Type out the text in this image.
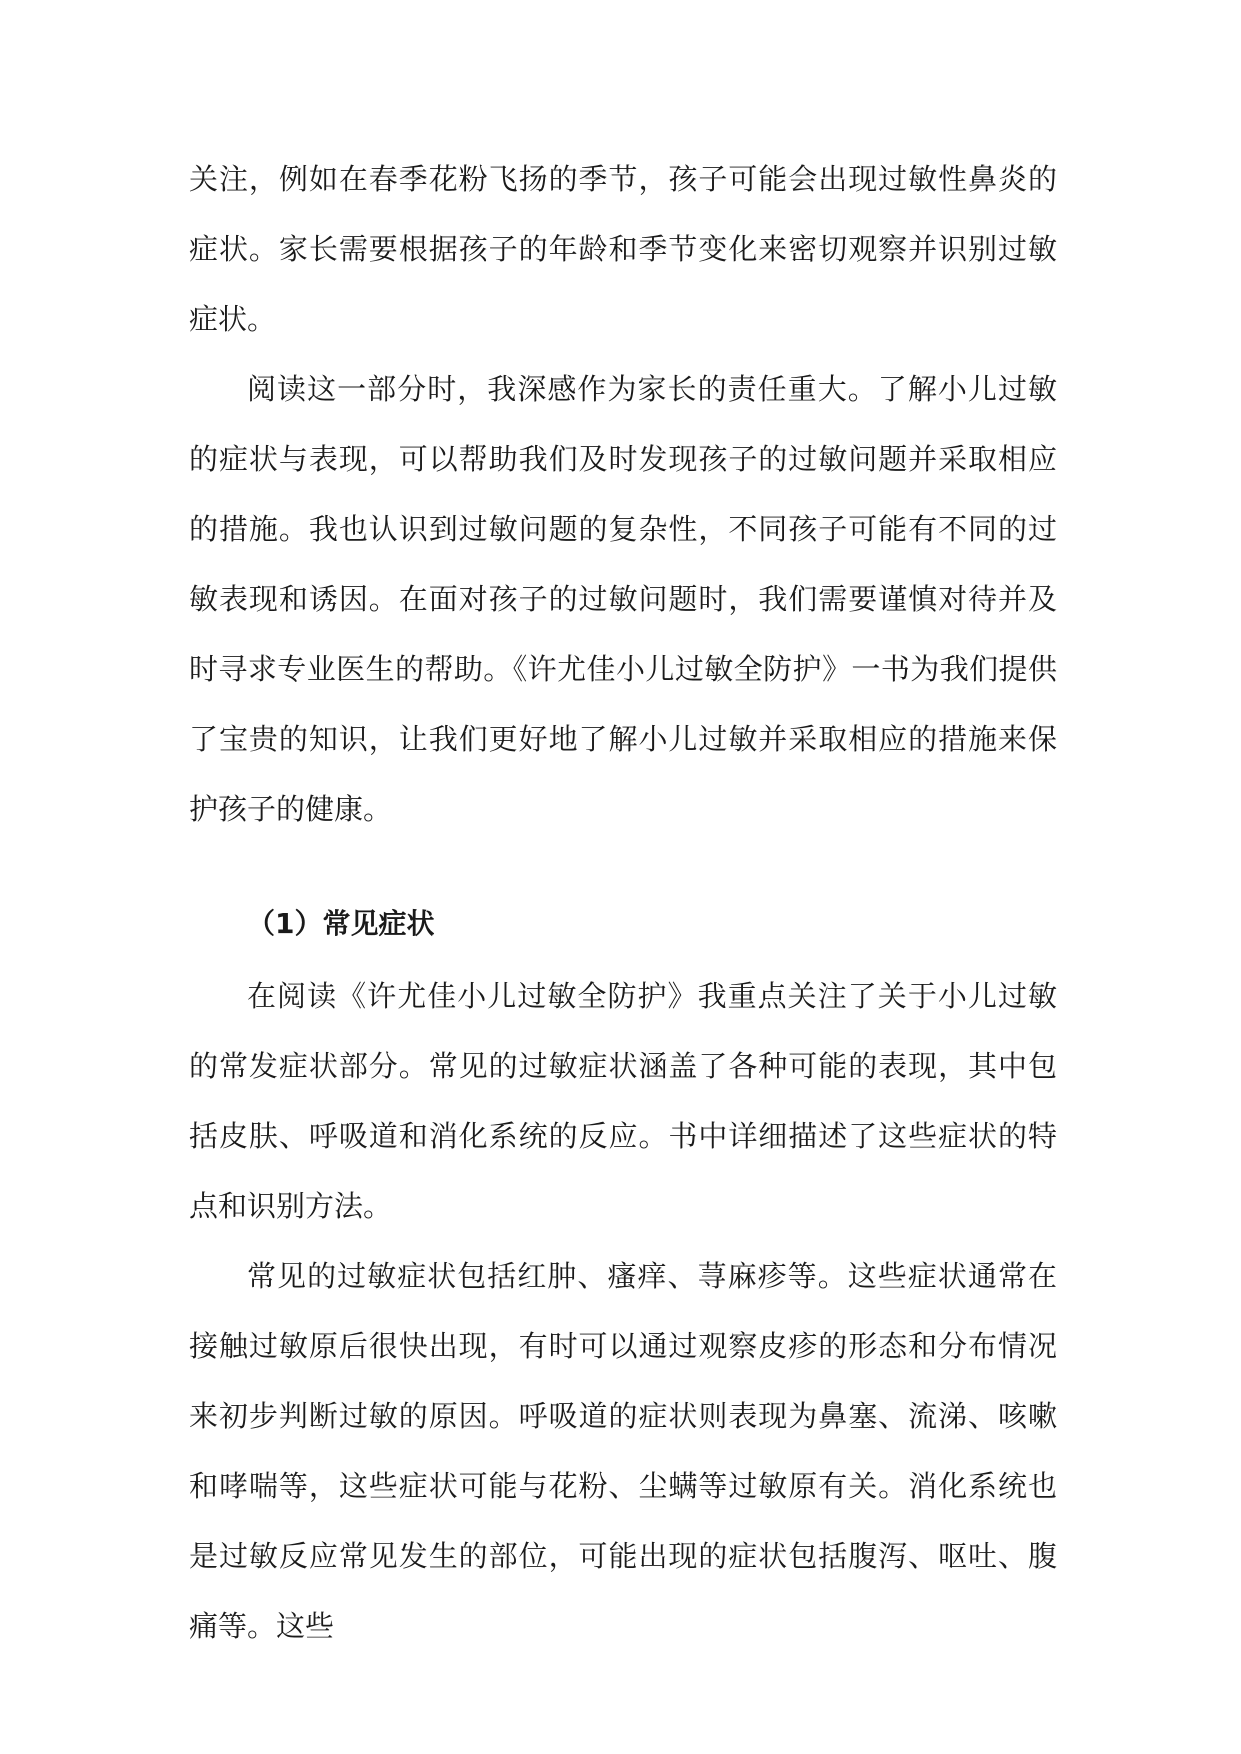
关注，例如在春季花粉飞扬的季节，孩子可能会出现过敏性鼻炎的症状。家长需要根据孩子的年龄和季节变化来密切观察并识别过敏症状。

阅读这一部分时，我深感作为家长的责任重大。了解小儿过敏的症状与表现，可以帮助我们及时发现孩子的过敏问题并采取相应的措施。我也认识到过敏问题的复杂性，不同孩子可能有不同的过敏表现和诱因。在面对孩子的过敏问题时，我们需要谨慎对待并及时寻求专业医生的帮助。《许尤佳小儿过敏全防护》一书为我们提供了宝贵的知识，让我们更好地了解小儿过敏并采取相应的措施来保护孩子的健康。

（1）常见症状

在阅读《许尤佳小儿过敏全防护》我重点关注了关于小儿过敏的常发症状部分。常见的过敏症状涵盖了各种可能的表现，其中包括皮肤、呼吸道和消化系统的反应。书中详细描述了这些症状的特点和识别方法。

常见的过敏症状包括红肿、瘙痒、荨麻疹等。这些症状通常在接触过敏原后很快出现，有时可以通过观察皮疹的形态和分布情况来初步判断过敏的原因。呼吸道的症状则表现为鼻塞、流涕、咳嗽和哮喘等，这些症状可能与花粉、尘螨等过敏原有关。消化系统也是过敏反应常见发生的部位，可能出现的症状包括腹泻、呕吐、腹痛等。这些
